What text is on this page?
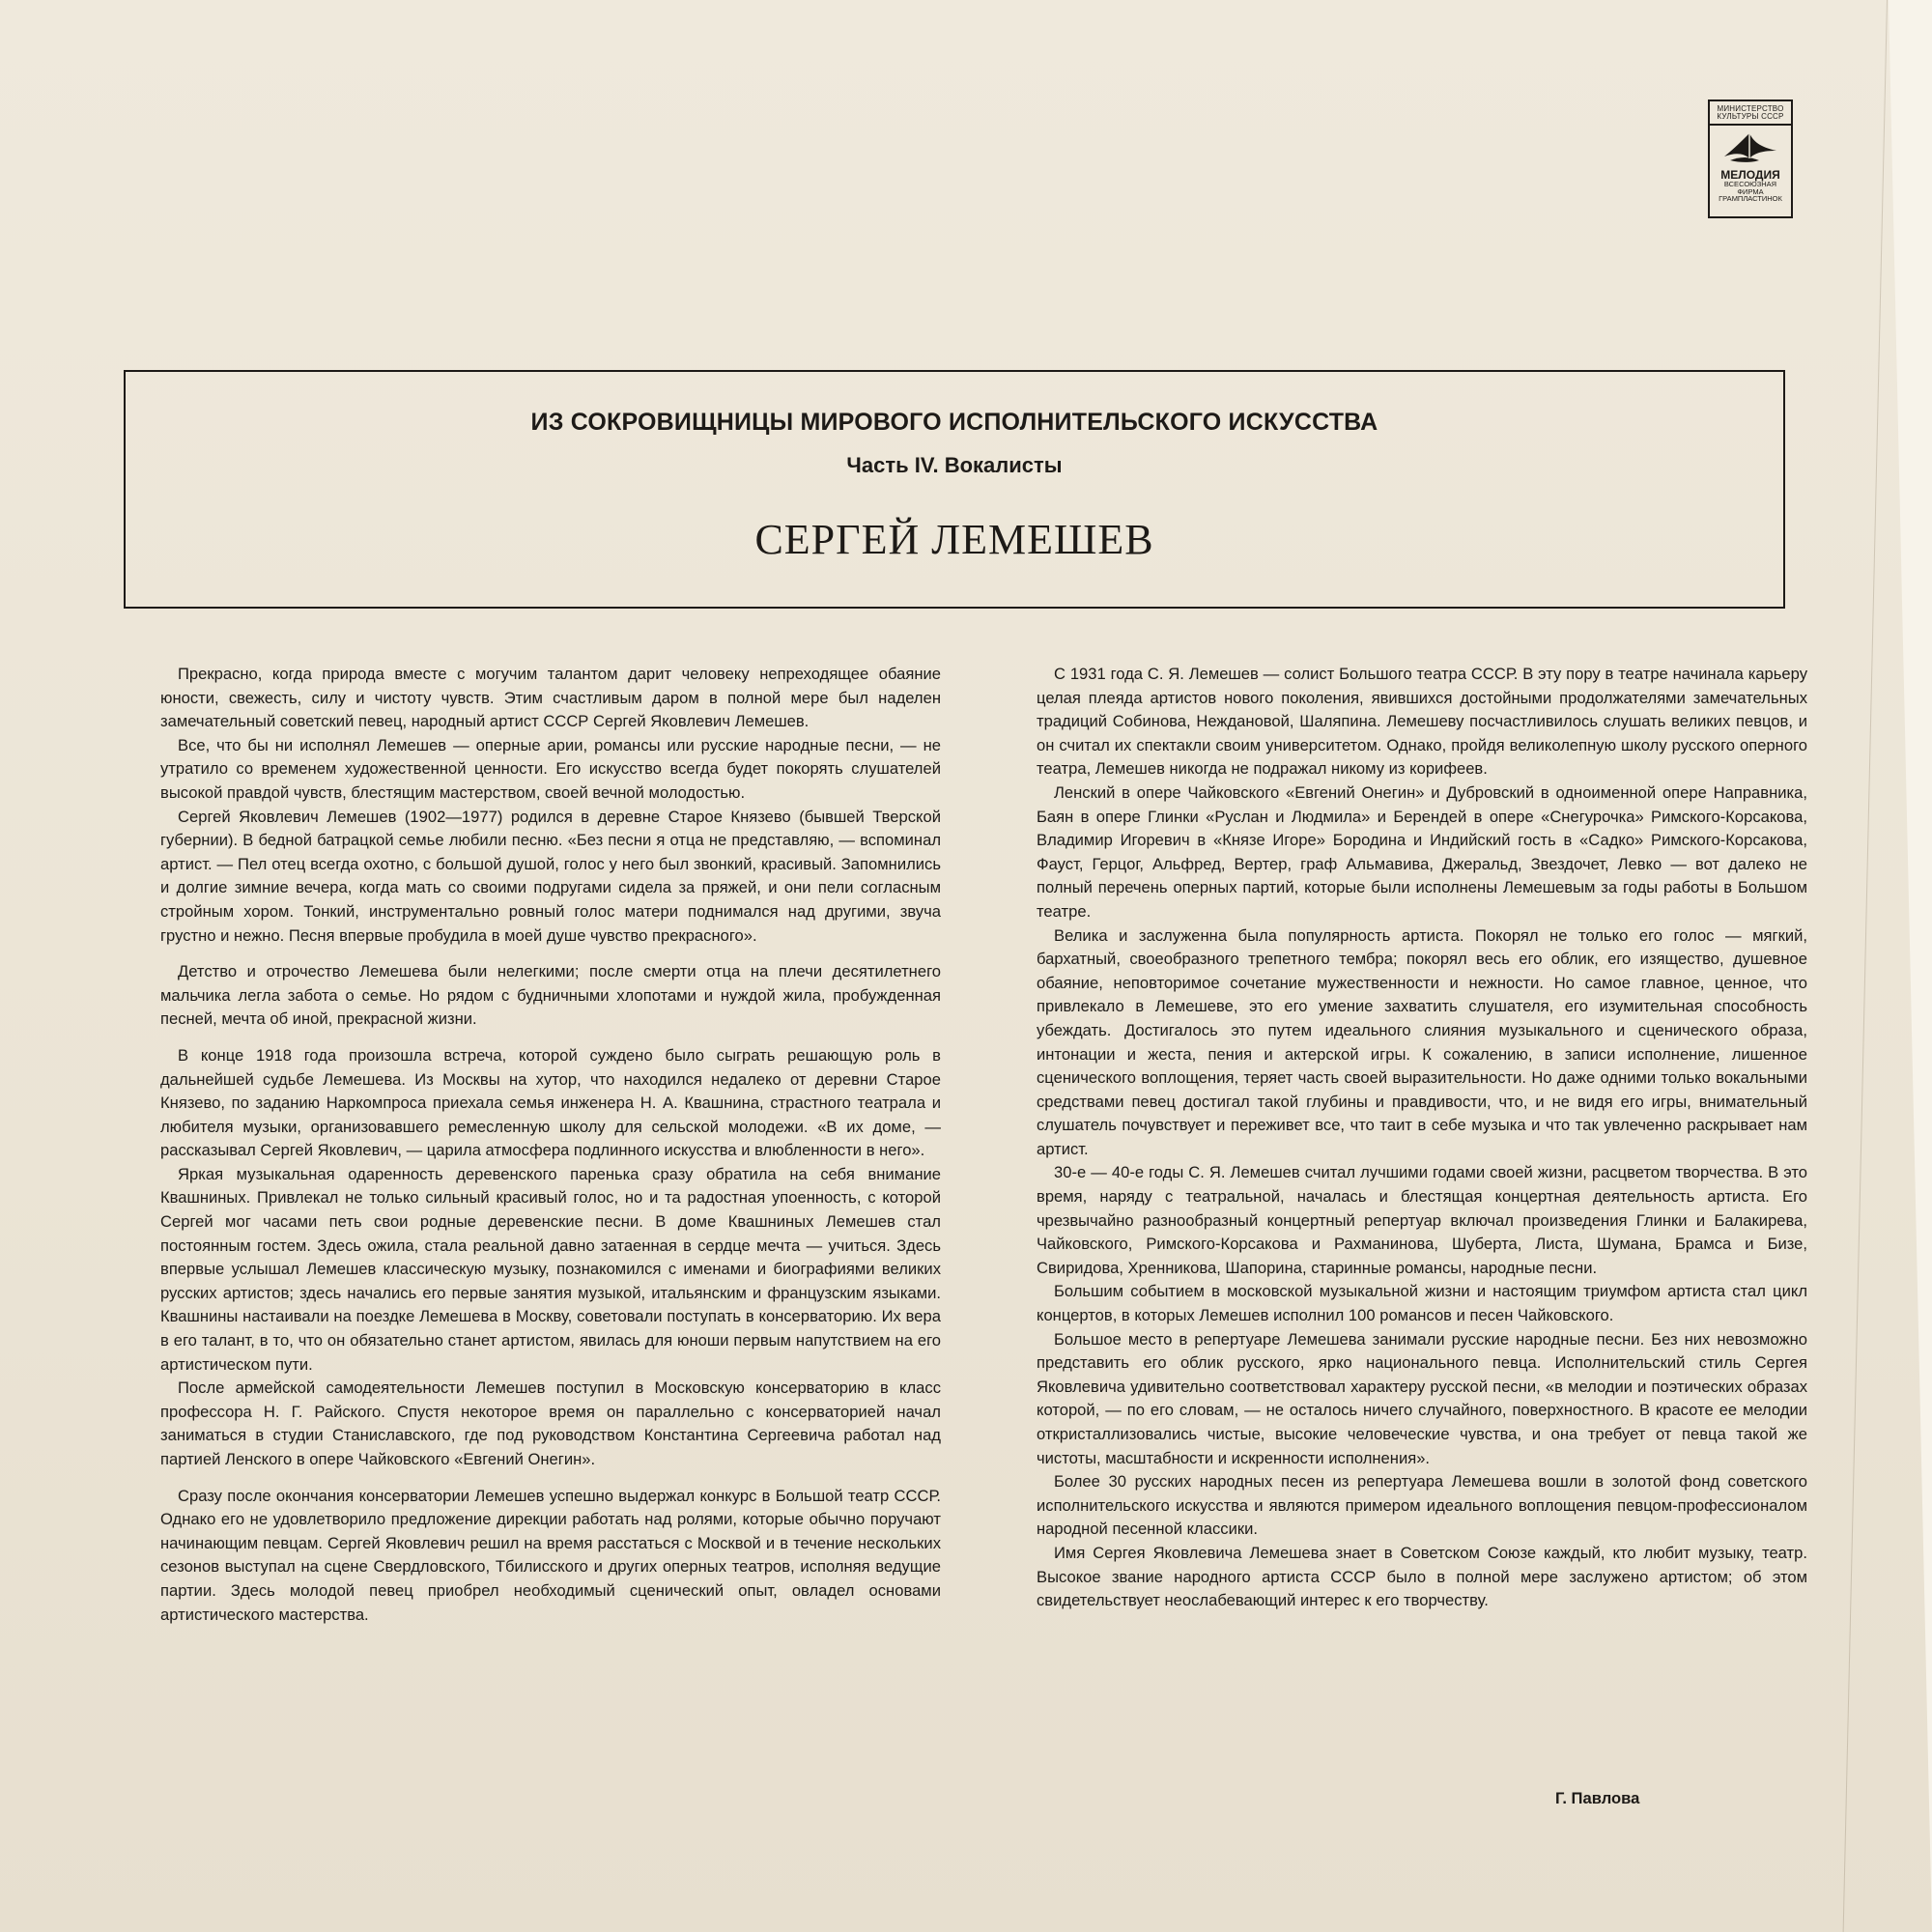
МИНИСТЕРСТВО
КУЛЬТУРЫ СССР
МЕЛОДИЯ
ВСЕСОЮЗНАЯ
ФИРМА
ГРАМПЛАСТИНОК
ИЗ СОКРОВИЩНИЦЫ МИРОВОГО ИСПОЛНИТЕЛЬСКОГО ИСКУССТВА
Часть IV. Вокалисты
СЕРГЕЙ ЛЕМЕШЕВ

Прекрасно, когда природа вместе с могучим талантом дарит человеку непреходящее обаяние юности, свежесть, силу и чистоту чувств. Этим счастливым даром в полной мере был наделен замечательный советский певец, народный артист СССР Сергей Яковлевич Лемешев.

Все, что бы ни исполнял Лемешев — оперные арии, романсы или русские народные песни, — не утратило со временем художественной ценности. Его искусство всегда будет покорять слушателей высокой правдой чувств, блестящим мастерством, своей вечной молодостью.

Сергей Яковлевич Лемешев (1902—1977) родился в деревне Старое Князево (бывшей Тверской губернии). В бедной батрацкой семье любили песню. «Без песни я отца не представляю, — вспоминал артист. — Пел отец всегда охотно, с большой душой, голос у него был звонкий, красивый. Запомнились и долгие зимние вечера, когда мать со своими подругами сидела за пряжей, и они пели согласным стройным хором. Тонкий, инструментально ровный голос матери поднимался над другими, звуча грустно и нежно. Песня впервые пробудила в моей душе чувство прекрасного».

Детство и отрочество Лемешева были нелегкими; после смерти отца на плечи десятилетнего мальчика легла забота о семье. Но рядом с будничными хлопотами и нуждой жила, пробужденная песней, мечта об иной, прекрасной жизни.

В конце 1918 года произошла встреча, которой суждено было сыграть решающую роль в дальнейшей судьбе Лемешева. Из Москвы на хутор, что находился недалеко от деревни Старое Князево, по заданию Наркомпроса приехала семья инженера Н. А. Квашнина, страстного театрала и любителя музыки, организовавшего ремесленную школу для сельской молодежи. «В их доме, — рассказывал Сергей Яковлевич, — царила атмосфера подлинного искусства и влюбленности в него».

Яркая музыкальная одаренность деревенского паренька сразу обратила на себя внимание Квашниных. Привлекал не только сильный красивый голос, но и та радостная упоенность, с которой Сергей мог часами петь свои родные деревенские песни. В доме Квашниных Лемешев стал постоянным гостем. Здесь ожила, стала реальной давно затаенная в сердце мечта — учиться. Здесь впервые услышал Лемешев классическую музыку, познакомился с именами и биографиями великих русских артистов; здесь начались его первые занятия музыкой, итальянским и французским языками. Квашнины настаивали на поездке Лемешева в Москву, советовали поступать в консерваторию. Их вера в его талант, в то, что он обязательно станет артистом, явилась для юноши первым напутствием на его артистическом пути.

После армейской самодеятельности Лемешев поступил в Московскую консерваторию в класс профессора Н. Г. Райского. Спустя некоторое время он параллельно с консерваторией начал заниматься в студии Станиславского, где под руководством Константина Сергеевича работал над партией Ленского в опере Чайковского «Евгений Онегин».

Сразу после окончания консерватории Лемешев успешно выдержал конкурс в Большой театр СССР. Однако его не удовлетворило предложение дирекции работать над ролями, которые обычно поручают начинающим певцам. Сергей Яковлевич решил на время расстаться с Москвой и в течение нескольких сезонов выступал на сцене Свердловского, Тбилисского и других оперных театров, исполняя ведущие партии. Здесь молодой певец приобрел необходимый сценический опыт, овладел основами артистического мастерства.

С 1931 года С. Я. Лемешев — солист Большого театра СССР. В эту пору в театре начинала карьеру целая плеяда артистов нового поколения, явившихся достойными продолжателями замечательных традиций Собинова, Неждановой, Шаляпина. Лемешеву посчастливилось слушать великих певцов, и он считал их спектакли своим университетом. Однако, пройдя великолепную школу русского оперного театра, Лемешев никогда не подражал никому из корифеев.

Ленский в опере Чайковского «Евгений Онегин» и Дубровский в одноименной опере Направника, Баян в опере Глинки «Руслан и Людмила» и Берендей в опере «Снегурочка» Римского-Корсакова, Владимир Игоревич в «Князе Игоре» Бородина и Индийский гость в «Садко» Римского-Корсакова, Фауст, Герцог, Альфред, Вертер, граф Альмавива, Джеральд, Звездочет, Левко — вот далеко не полный перечень оперных партий, которые были исполнены Лемешевым за годы работы в Большом театре.

Велика и заслуженна была популярность артиста. Покорял не только его голос — мягкий, бархатный, своеобразного трепетного тембра; покорял весь его облик, его изящество, душевное обаяние, неповторимое сочетание мужественности и нежности. Но самое главное, ценное, что привлекало в Лемешеве, это его умение захватить слушателя, его изумительная способность убеждать. Достигалось это путем идеального слияния музыкального и сценического образа, интонации и жеста, пения и актерской игры. К сожалению, в записи исполнение, лишенное сценического воплощения, теряет часть своей выразительности. Но даже одними только вокальными средствами певец достигал такой глубины и правдивости, что, и не видя его игры, внимательный слушатель почувствует и переживет все, что таит в себе музыка и что так увлеченно раскрывает нам артист.

30-е — 40-е годы С. Я. Лемешев считал лучшими годами своей жизни, расцветом творчества. В это время, наряду с театральной, началась и блестящая концертная деятельность артиста. Его чрезвычайно разнообразный концертный репертуар включал произведения Глинки и Балакирева, Чайковского, Римского-Корсакова и Рахманинова, Шуберта, Листа, Шумана, Брамса и Бизе, Свиридова, Хренникова, Шапорина, старинные романсы, народные песни.

Большим событием в московской музыкальной жизни и настоящим триумфом артиста стал цикл концертов, в которых Лемешев исполнил 100 романсов и песен Чайковского.

Большое место в репертуаре Лемешева занимали русские народные песни. Без них невозможно представить его облик русского, ярко национального певца. Исполнительский стиль Сергея Яковлевича удивительно соответствовал характеру русской песни, «в мелодии и поэтических образах которой, — по его словам, — не осталось ничего случайного, поверхностного. В красоте ее мелодии откристаллизовались чистые, высокие человеческие чувства, и она требует от певца такой же чистоты, масштабности и искренности исполнения».

Более 30 русских народных песен из репертуара Лемешева вошли в золотой фонд советского исполнительского искусства и являются примером идеального воплощения певцом-профессионалом народной песенной классики.

Имя Сергея Яковлевича Лемешева знает в Советском Союзе каждый, кто любит музыку, театр. Высокое звание народного артиста СССР было в полной мере заслужено артистом; об этом свидетельствует неослабевающий интерес к его творчеству.

Г. Павлова
